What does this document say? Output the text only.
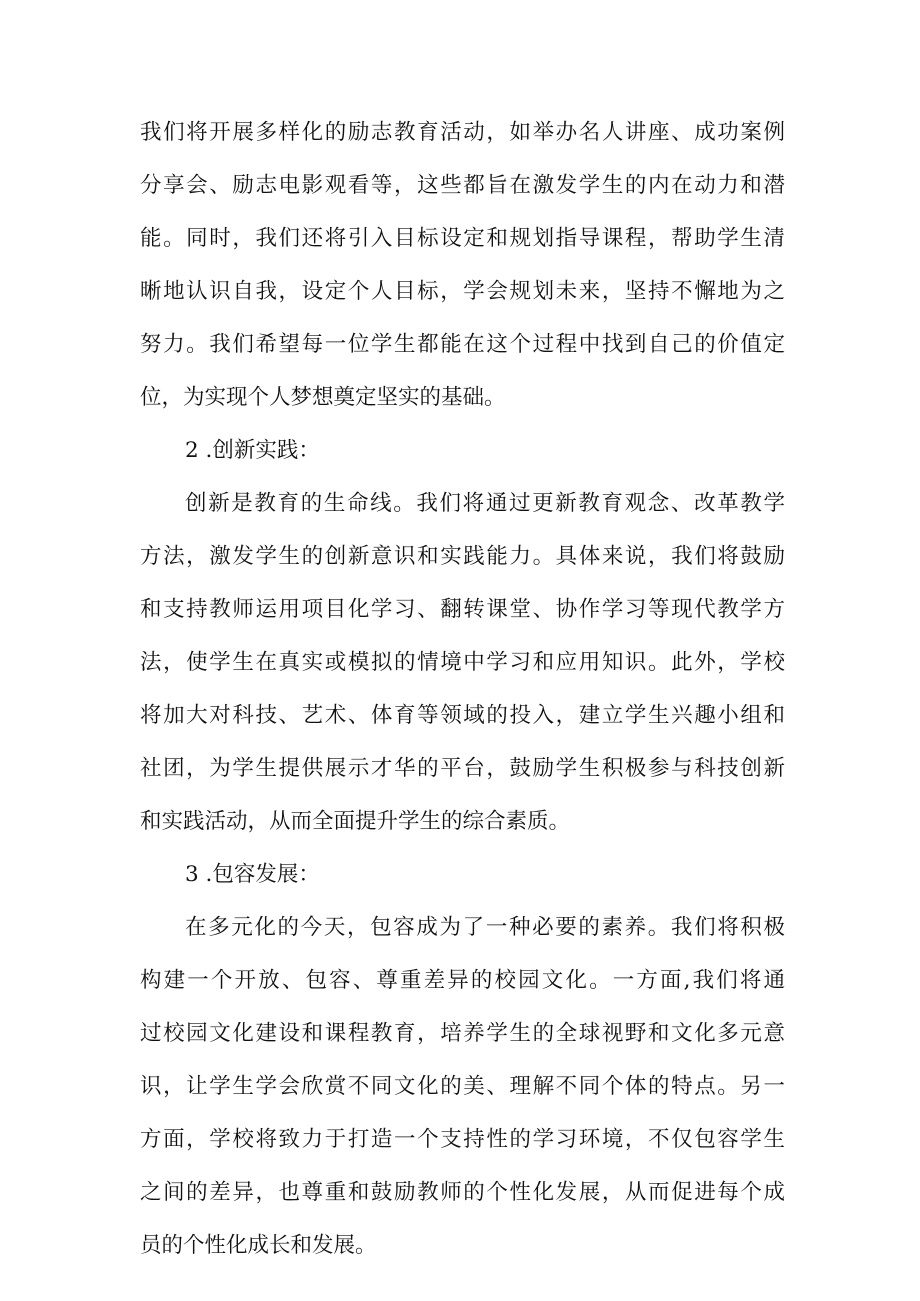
我们将开展多样化的励志教育活动，如举办名人讲座、成功案例
分享会、励志电影观看等，这些都旨在激发学生的内在动力和潜
能。同时，我们还将引入目标设定和规划指导课程，帮助学生清
晰地认识自我，设定个人目标，学会规划未来，坚持不懈地为之
努力。我们希望每一位学生都能在这个过程中找到自己的价值定
位，为实现个人梦想奠定坚实的基础。
2 .创新实践：
创新是教育的生命线。我们将通过更新教育观念、改革教学
方法，激发学生的创新意识和实践能力。具体来说，我们将鼓励
和支持教师运用项目化学习、翻转课堂、协作学习等现代教学方
法，使学生在真实或模拟的情境中学习和应用知识。此外，学校
将加大对科技、艺术、体育等领域的投入，建立学生兴趣小组和
社团，为学生提供展示才华的平台，鼓励学生积极参与科技创新
和实践活动，从而全面提升学生的综合素质。
3 .包容发展：
在多元化的今天，包容成为了一种必要的素养。我们将积极
构建一个开放、包容、尊重差异的校园文化。一方面,我们将通
过校园文化建设和课程教育，培养学生的全球视野和文化多元意
识，让学生学会欣赏不同文化的美、理解不同个体的特点。另一
方面，学校将致力于打造一个支持性的学习环境，不仅包容学生
之间的差异，也尊重和鼓励教师的个性化发展，从而促进每个成
员的个性化成长和发展。
